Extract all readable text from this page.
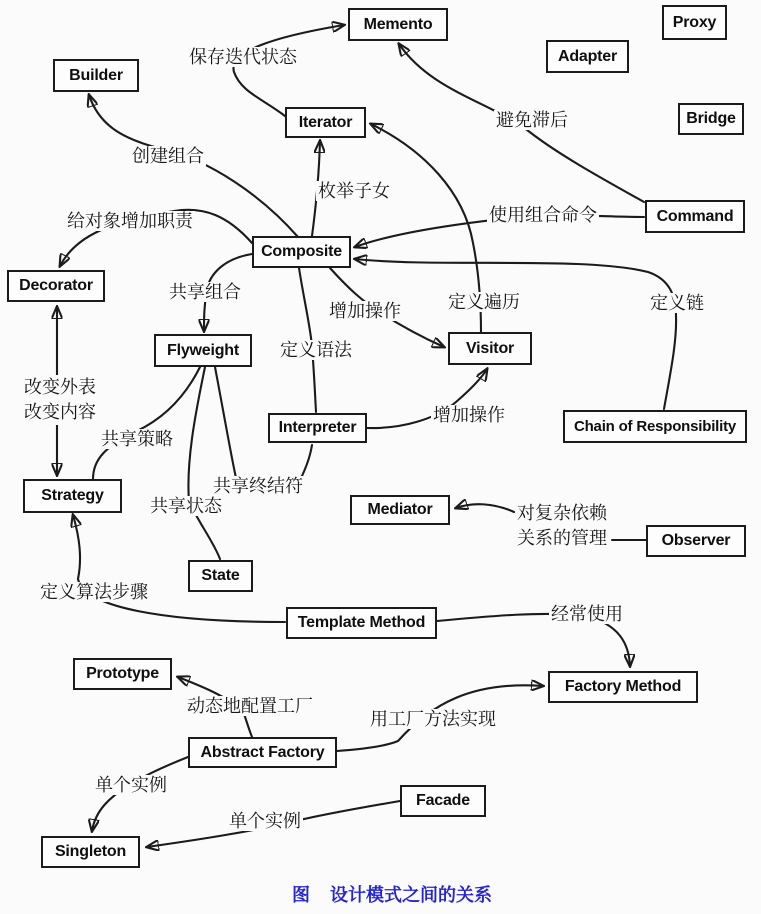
创建组合
保存迭代状态
避免滞后
枚举子女
定义遍历
使用组合命令
定义链
给对象增加职责
共享组合
改变外表
改变内容
共享策略
共享状态
共享终结符
定义语法
增加操作
增加操作
对复杂依赖
关系的管理
定义算法步骤
经常使用
动态地配置工厂
用工厂方法实现
单个实例
单个实例
Memento	Proxy
Adapter
Builder
Iterator	Bridge
Command
Composite
Decorator
Flyweight	Visitor
Chain of Responsibility
Interpreter
Strategy
Mediator
Observer
State
Template Method
Prototype
Factory Method
Abstract Factory
Facade
Singleton
图 设计模式之间的关系
